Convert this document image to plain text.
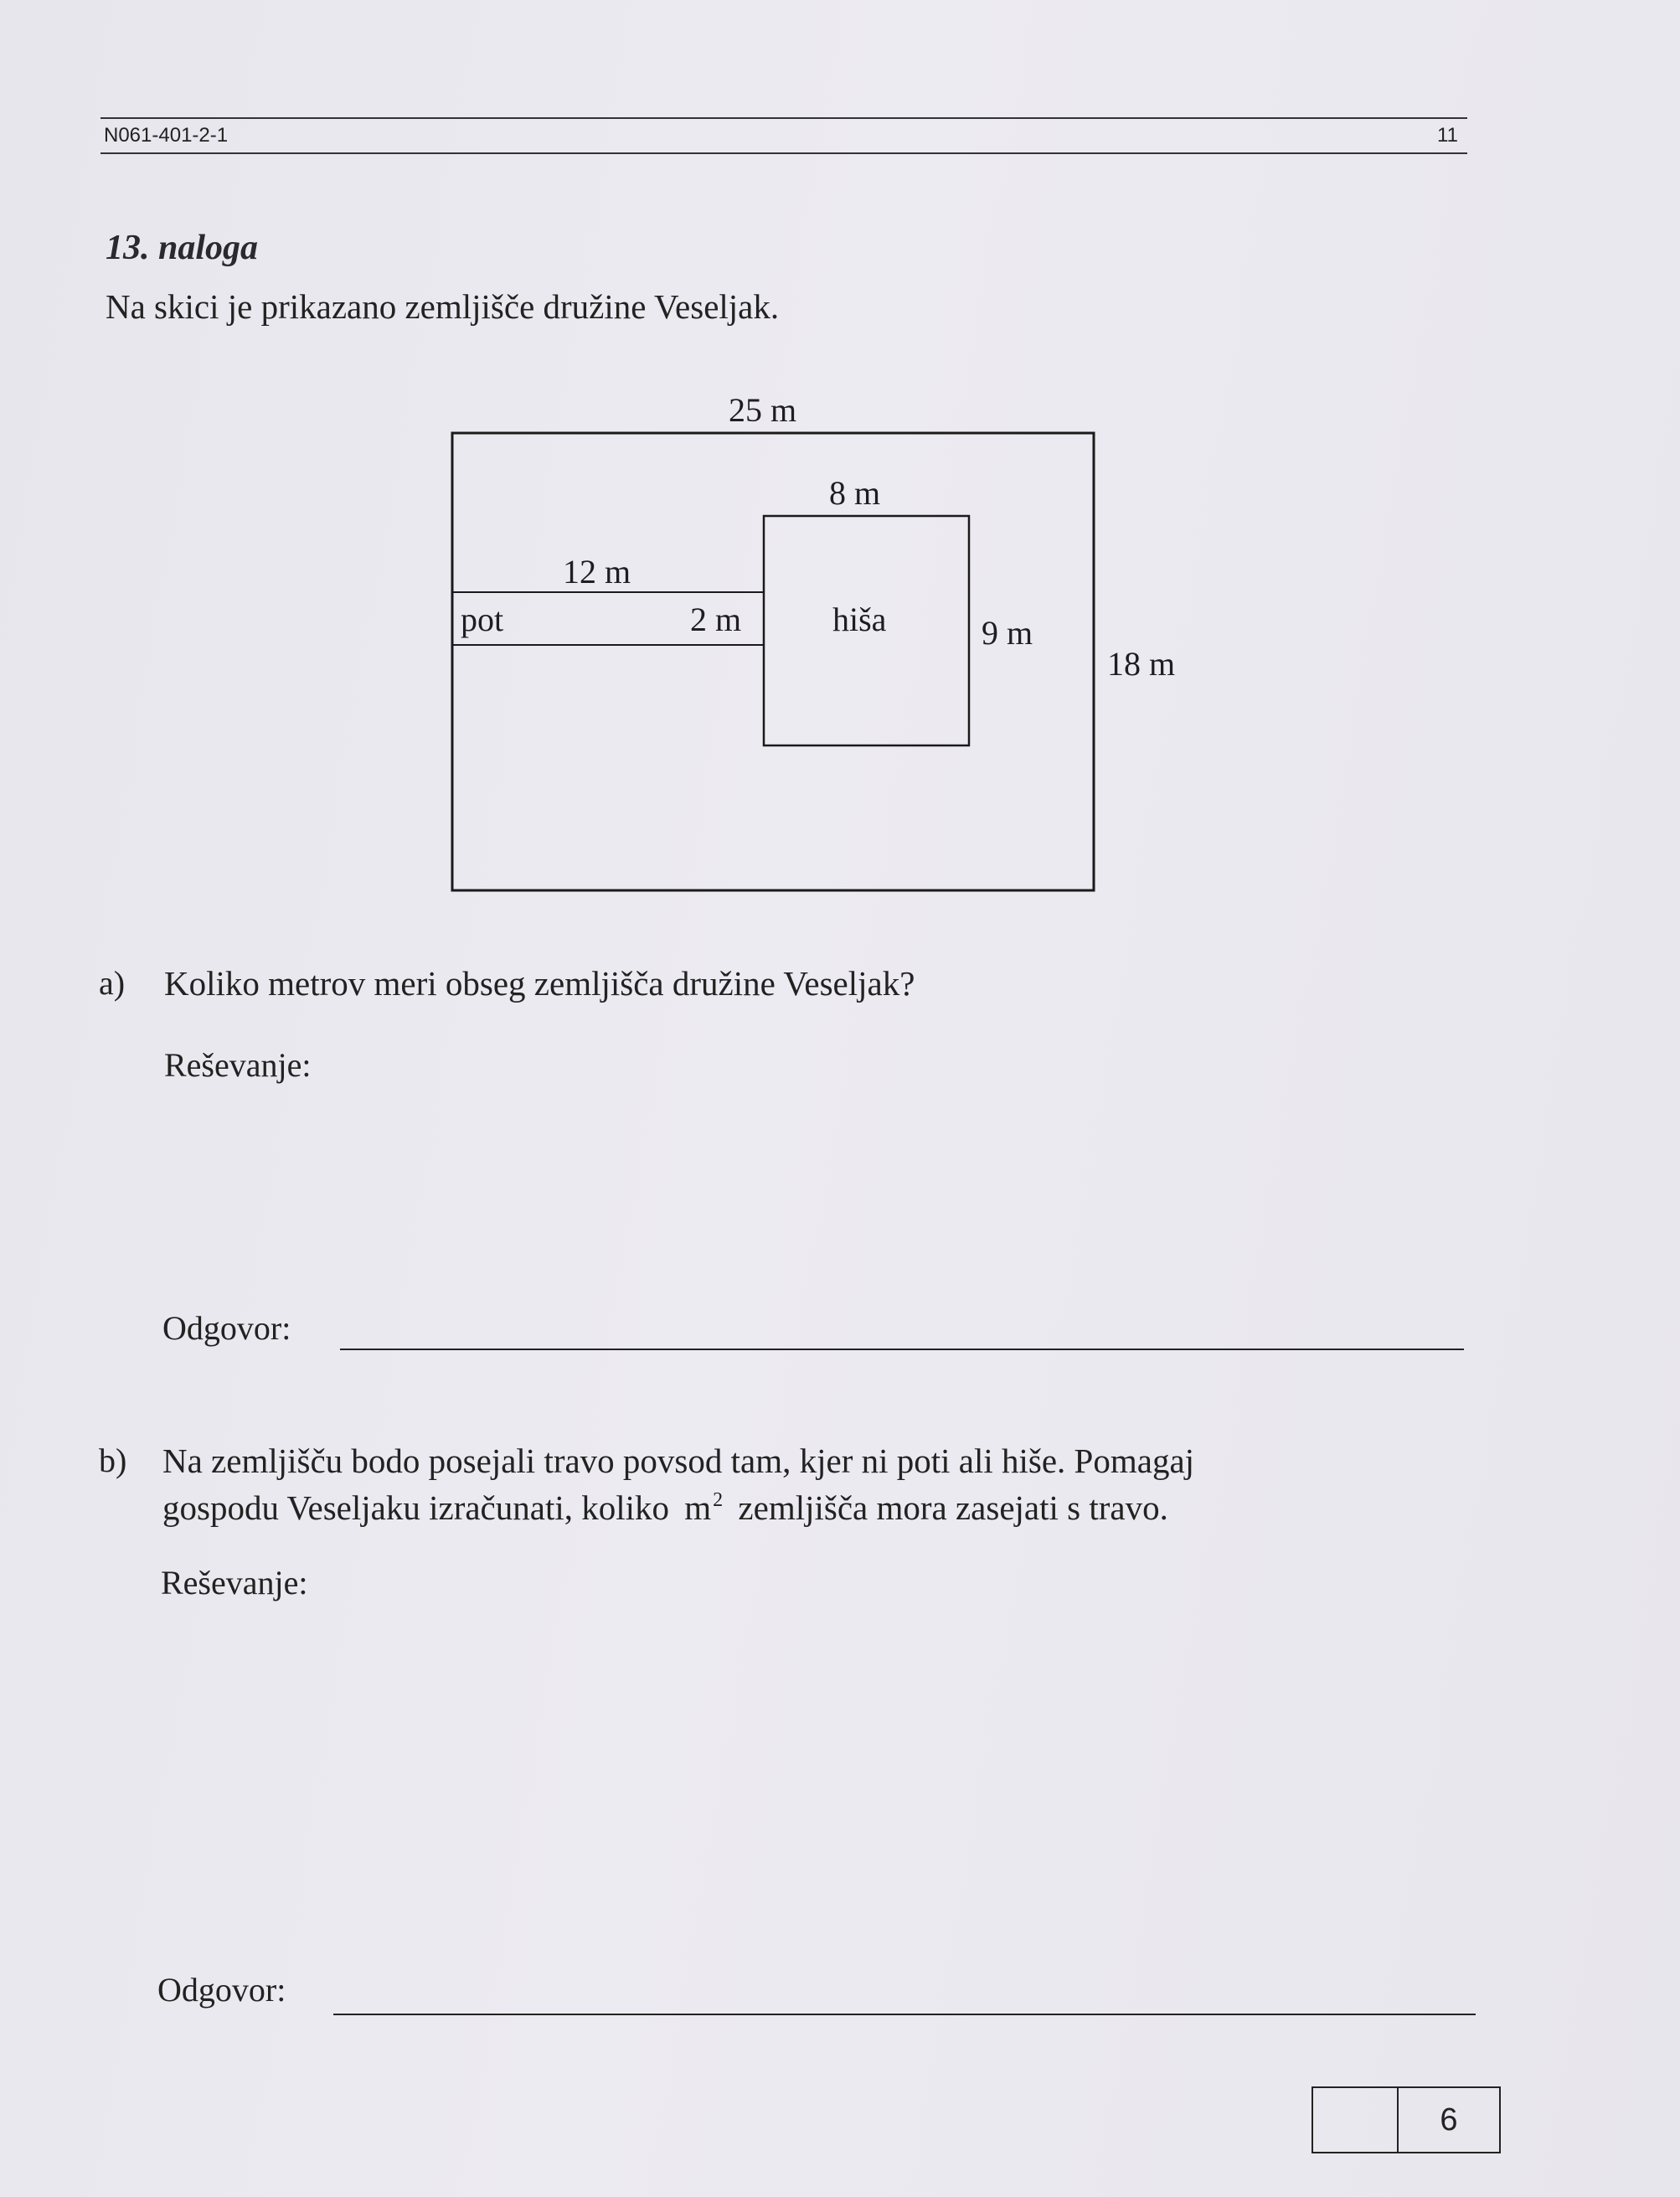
N061-401-2-1	11
13. naloga
Na skici je prikazano zemljišče družine Veseljak.
25 m
8 m
12 m
pot	2 m	hiša	9 m
18 m
a) Koliko metrov meri obseg zemljišča družine Veseljak?
Reševanje:
Odgovor:
b) Na zemljišču bodo posejali travo povsod tam, kjer ni poti ali hiše. Pomagaj
gospodu Veseljaku izračunati, koliko $m^2$ zemljišča mora zasejati s travo.
Reševanje:
Odgovor:
6
